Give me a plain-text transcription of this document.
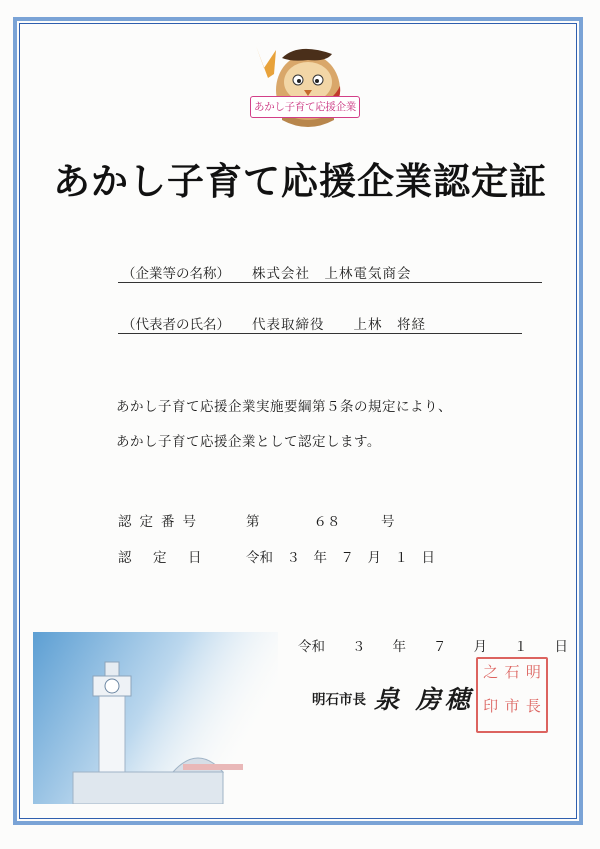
あかし子育て応援企業
あかし子育て応援企業認定証
（企業等の名称） 株式会社　上林電気商会
（代表者の氏名） 代表取締役　　上林　将経
あかし子育て応援企業実施要綱第５条の規定により、
あかし子育て応援企業として認定します。
認定番号	第　　　　６８　　　号
認　定　日	令和　３　年　７　月　１　日
令和　　３　　年　　７　　月　　１　　日
明石市長 泉 房穂
之 石 明
印 市 長
